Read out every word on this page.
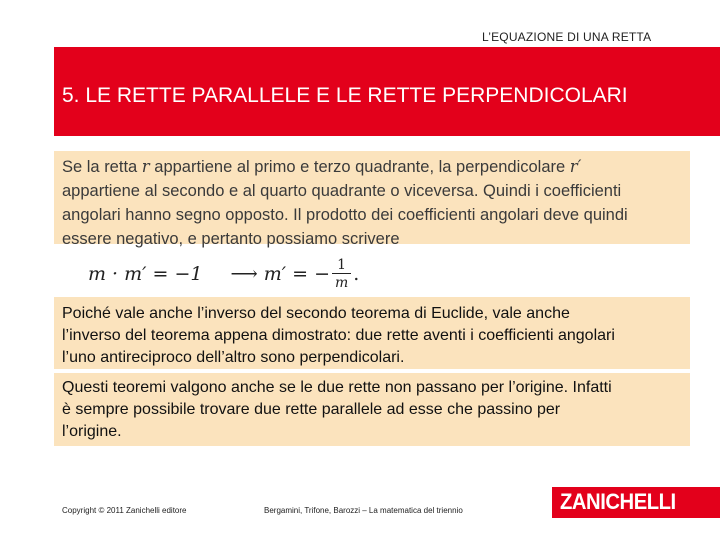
L’EQUAZIONE DI UNA RETTA
5. LE RETTE PARALLELE E LE RETTE PERPENDICOLARI
Se la retta r appartiene al primo e terzo quadrante, la perpendicolare r′
appartiene al secondo e al quarto quadrante o viceversa. Quindi i coefficienti
angolari hanno segno opposto. Il prodotto dei coefficienti angolari deve quindi
essere negativo, e pertanto possiamo scrivere
m · m′ = −1 ⟶ m′ = − $\frac{1}{m}$ .
Poiché vale anche l’inverso del secondo teorema di Euclide, vale anche
l’inverso del teorema appena dimostrato: due rette aventi i coefficienti angolari
l’uno antireciproco dell’altro sono perpendicolari.
Questi teoremi valgono anche se le due rette non passano per l’origine. Infatti
è sempre possibile trovare due rette parallele ad esse che passino per
l’origine.
Copyright © 2011 Zanichelli editore	Bergamini, Trifone, Barozzi – La matematica del triennio	ZANICHELLI
